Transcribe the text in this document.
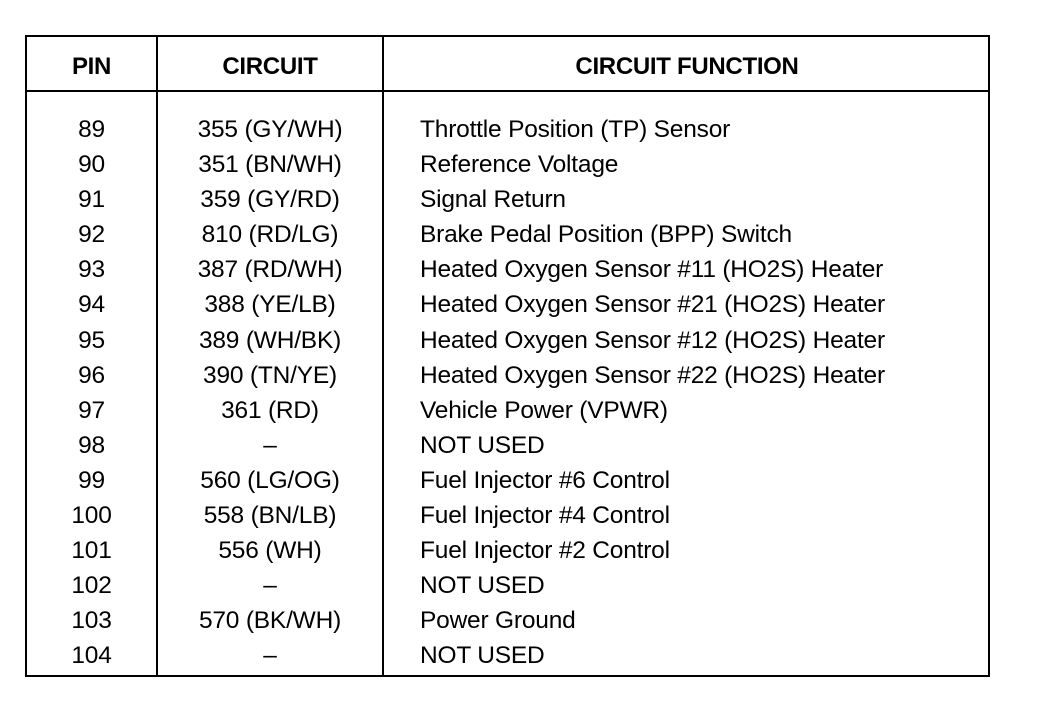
PIN	CIRCUIT	CIRCUIT FUNCTION
89	355 (GY/WH)	Throttle Position (TP) Sensor
90	351 (BN/WH)	Reference Voltage
91	359 (GY/RD)	Signal Return
92	810 (RD/LG)	Brake Pedal Position (BPP) Switch
93	387 (RD/WH)	Heated Oxygen Sensor #11 (HO2S) Heater
94	388 (YE/LB)	Heated Oxygen Sensor #21 (HO2S) Heater
95	389 (WH/BK)	Heated Oxygen Sensor #12 (HO2S) Heater
96	390 (TN/YE)	Heated Oxygen Sensor #22 (HO2S) Heater
97	361 (RD)	Vehicle Power (VPWR)
98	–	NOT USED
99	560 (LG/OG)	Fuel Injector #6 Control
100	558 (BN/LB)	Fuel Injector #4 Control
101	556 (WH)	Fuel Injector #2 Control
102	–	NOT USED
103	570 (BK/WH)	Power Ground
104	–	NOT USED
